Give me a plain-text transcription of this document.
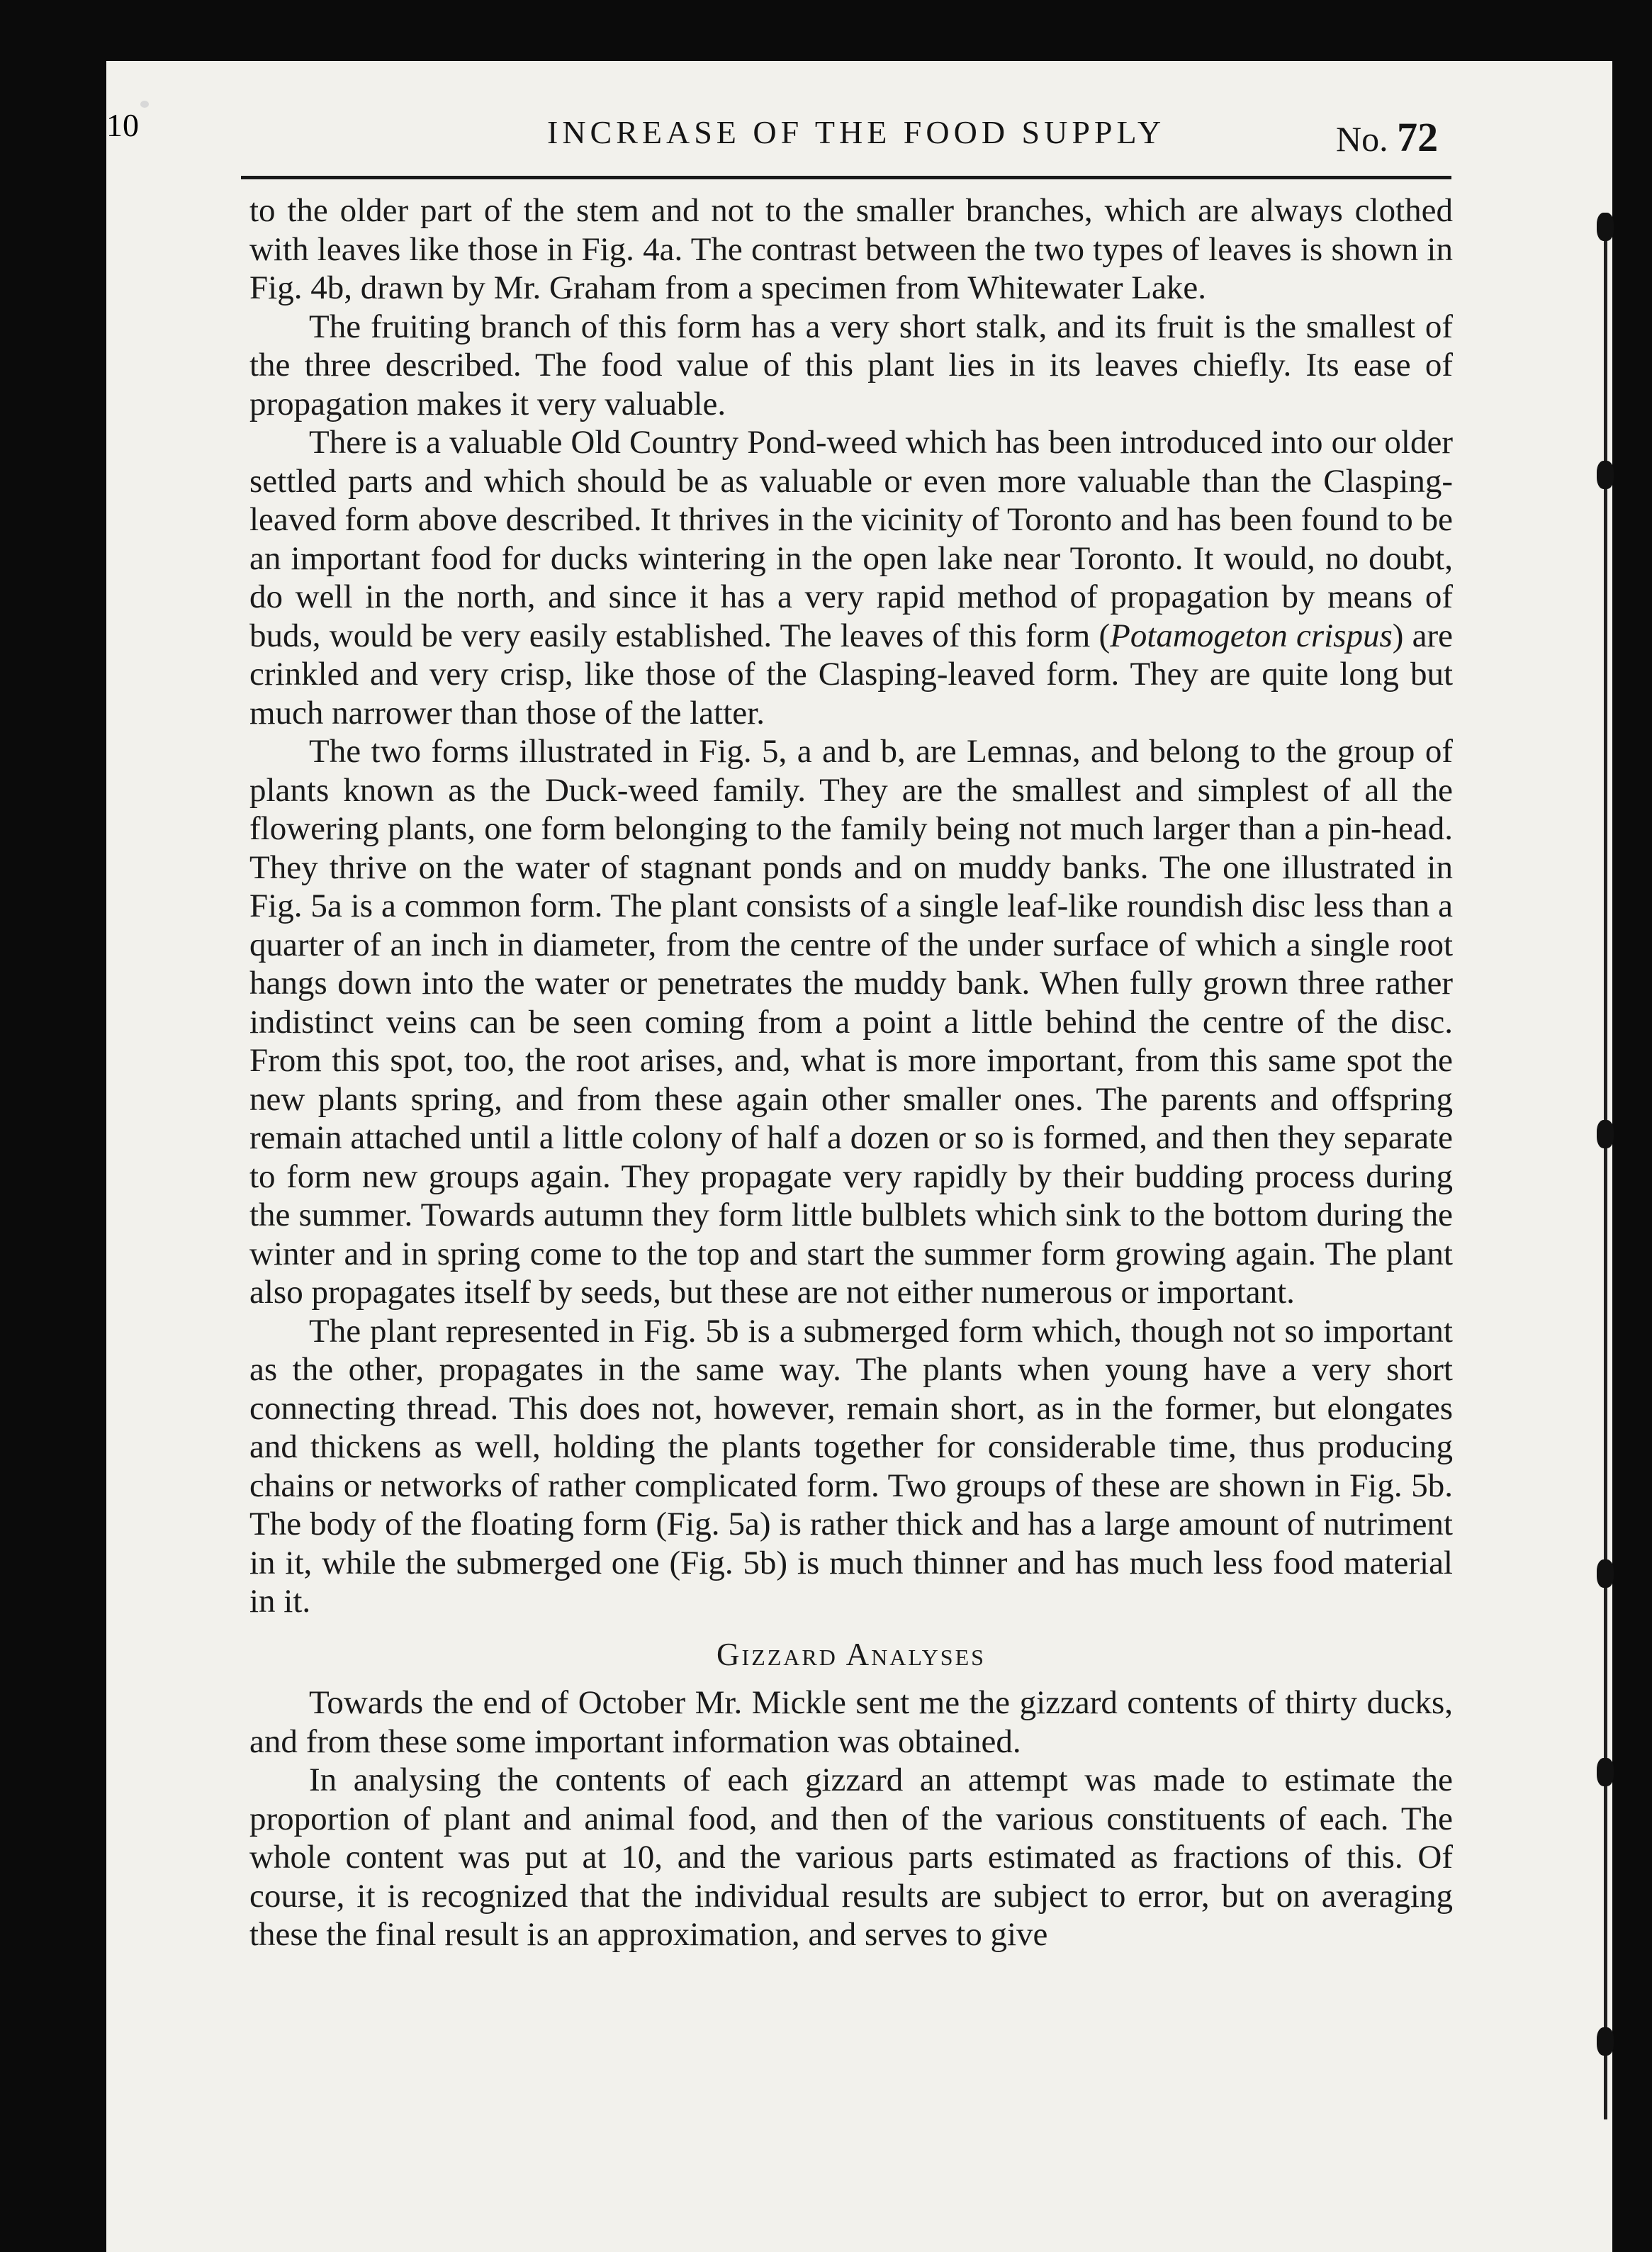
10	INCREASE OF THE FOOD SUPPLY	No. 72

to the older part of the stem and not to the smaller branches, which are always clothed with leaves like those in Fig. 4a. The contrast between the two types of leaves is shown in Fig. 4b, drawn by Mr. Graham from a specimen from Whitewater Lake.

The fruiting branch of this form has a very short stalk, and its fruit is the smallest of the three described. The food value of this plant lies in its leaves chiefly. Its ease of propagation makes it very valuable.

There is a valuable Old Country Pond-weed which has been introduced into our older settled parts and which should be as valuable or even more valuable than the Clasping-leaved form above described. It thrives in the vicinity of Toronto and has been found to be an important food for ducks wintering in the open lake near Toronto. It would, no doubt, do well in the north, and since it has a very rapid method of propagation by means of buds, would be very easily established. The leaves of this form (Potamogeton crispus) are crinkled and very crisp, like those of the Clasping-leaved form. They are quite long but much narrower than those of the latter.

The two forms illustrated in Fig. 5, a and b, are Lemnas, and belong to the group of plants known as the Duck-weed family. They are the smallest and simplest of all the flowering plants, one form belonging to the family being not much larger than a pin-head. They thrive on the water of stagnant ponds and on muddy banks. The one illustrated in Fig. 5a is a common form. The plant consists of a single leaf-like roundish disc less than a quarter of an inch in diameter, from the centre of the under surface of which a single root hangs down into the water or penetrates the muddy bank. When fully grown three rather indistinct veins can be seen coming from a point a little behind the centre of the disc. From this spot, too, the root arises, and, what is more important, from this same spot the new plants spring, and from these again other smaller ones. The parents and offspring remain attached until a little colony of half a dozen or so is formed, and then they separate to form new groups again. They propagate very rapidly by their budding process during the summer. Towards autumn they form little bulblets which sink to the bottom during the winter and in spring come to the top and start the summer form growing again. The plant also propagates itself by seeds, but these are not either numerous or important.

The plant represented in Fig. 5b is a submerged form which, though not so important as the other, propagates in the same way. The plants when young have a very short connecting thread. This does not, however, remain short, as in the former, but elongates and thickens as well, holding the plants together for considerable time, thus producing chains or networks of rather complicated form. Two groups of these are shown in Fig. 5b. The body of the floating form (Fig. 5a) is rather thick and has a large amount of nutriment in it, while the submerged one (Fig. 5b) is much thinner and has much less food material in it.

Gizzard Analyses

Towards the end of October Mr. Mickle sent me the gizzard contents of thirty ducks, and from these some important information was obtained.

In analysing the contents of each gizzard an attempt was made to estimate the proportion of plant and animal food, and then of the various constituents of each. The whole content was put at 10, and the various parts estimated as fractions of this. Of course, it is recognized that the individual results are subject to error, but on averaging these the final result is an approximation, and serves to give
